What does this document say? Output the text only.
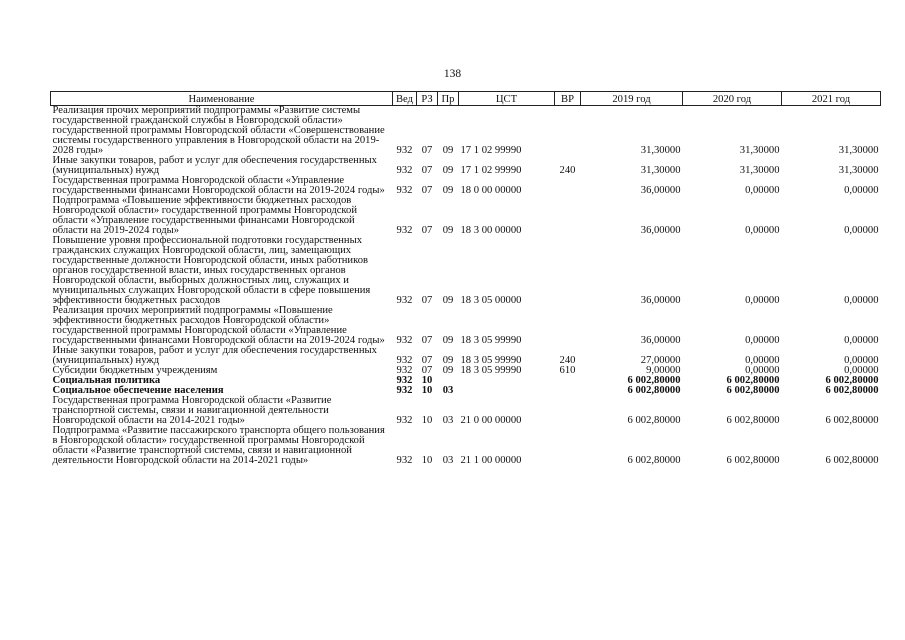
138
Наименование	Вед	РЗ	Пр	ЦСТ	ВР	2019 год	2020 год	2021 год
Реализация прочих мероприятий подпрограммы «Развитие системы государственной гражданской службы в Новгородской области» государственной программы Новгородской области «Совершенствование системы государственного управления в Новгородской области на 2019-2028 годы»	932	07	09	17 1 02 99990		31,30000	31,30000	31,30000
Иные закупки товаров, работ и услуг для обеспечения государственных (муниципальных) нужд	932	07	09	17 1 02 99990	240	31,30000	31,30000	31,30000
Государственная программа Новгородской области «Управление государственными финансами Новгородской области на 2019-2024 годы»	932	07	09	18 0 00 00000		36,00000	0,00000	0,00000
Подпрограмма «Повышение эффективности бюджетных расходов Новгородской области» государственной программы Новгородской области «Управление государственными финансами Новгородской области на 2019-2024 годы»	932	07	09	18 3 00 00000		36,00000	0,00000	0,00000
Повышение уровня профессиональной подготовки государственных гражданских служащих Новгородской области, лиц, замещающих государственные должности Новгородской области, иных работников органов государственной власти, иных государственных органов Новгородской области, выборных должностных лиц, служащих и муниципальных служащих Новгородской области в сфере повышения эффективности бюджетных расходов	932	07	09	18 3 05 00000		36,00000	0,00000	0,00000
Реализация прочих мероприятий подпрограммы «Повышение эффективности бюджетных расходов Новгородской области» государственной программы Новгородской области «Управление государственными финансами Новгородской области на 2019-2024 годы»	932	07	09	18 3 05 99990		36,00000	0,00000	0,00000
Иные закупки товаров, работ и услуг для обеспечения государственных (муниципальных) нужд	932	07	09	18 3 05 99990	240	27,00000	0,00000	0,00000
Субсидии бюджетным учреждениям	932	07	09	18 3 05 99990	610	9,00000	0,00000	0,00000
Социальная политика	932	10				6 002,80000	6 002,80000	6 002,80000
Социальное обеспечение населения	932	10	03			6 002,80000	6 002,80000	6 002,80000
Государственная программа Новгородской области «Развитие транспортной системы, связи и навигационной деятельности Новгородской области на 2014-2021 годы»	932	10	03	21 0 00 00000		6 002,80000	6 002,80000	6 002,80000
Подпрограмма «Развитие пассажирского транспорта общего пользования в Новгородской области» государственной программы Новгородской области «Развитие транспортной системы, связи и навигационной деятельности Новгородской области на 2014-2021 годы»	932	10	03	21 1 00 00000		6 002,80000	6 002,80000	6 002,80000
